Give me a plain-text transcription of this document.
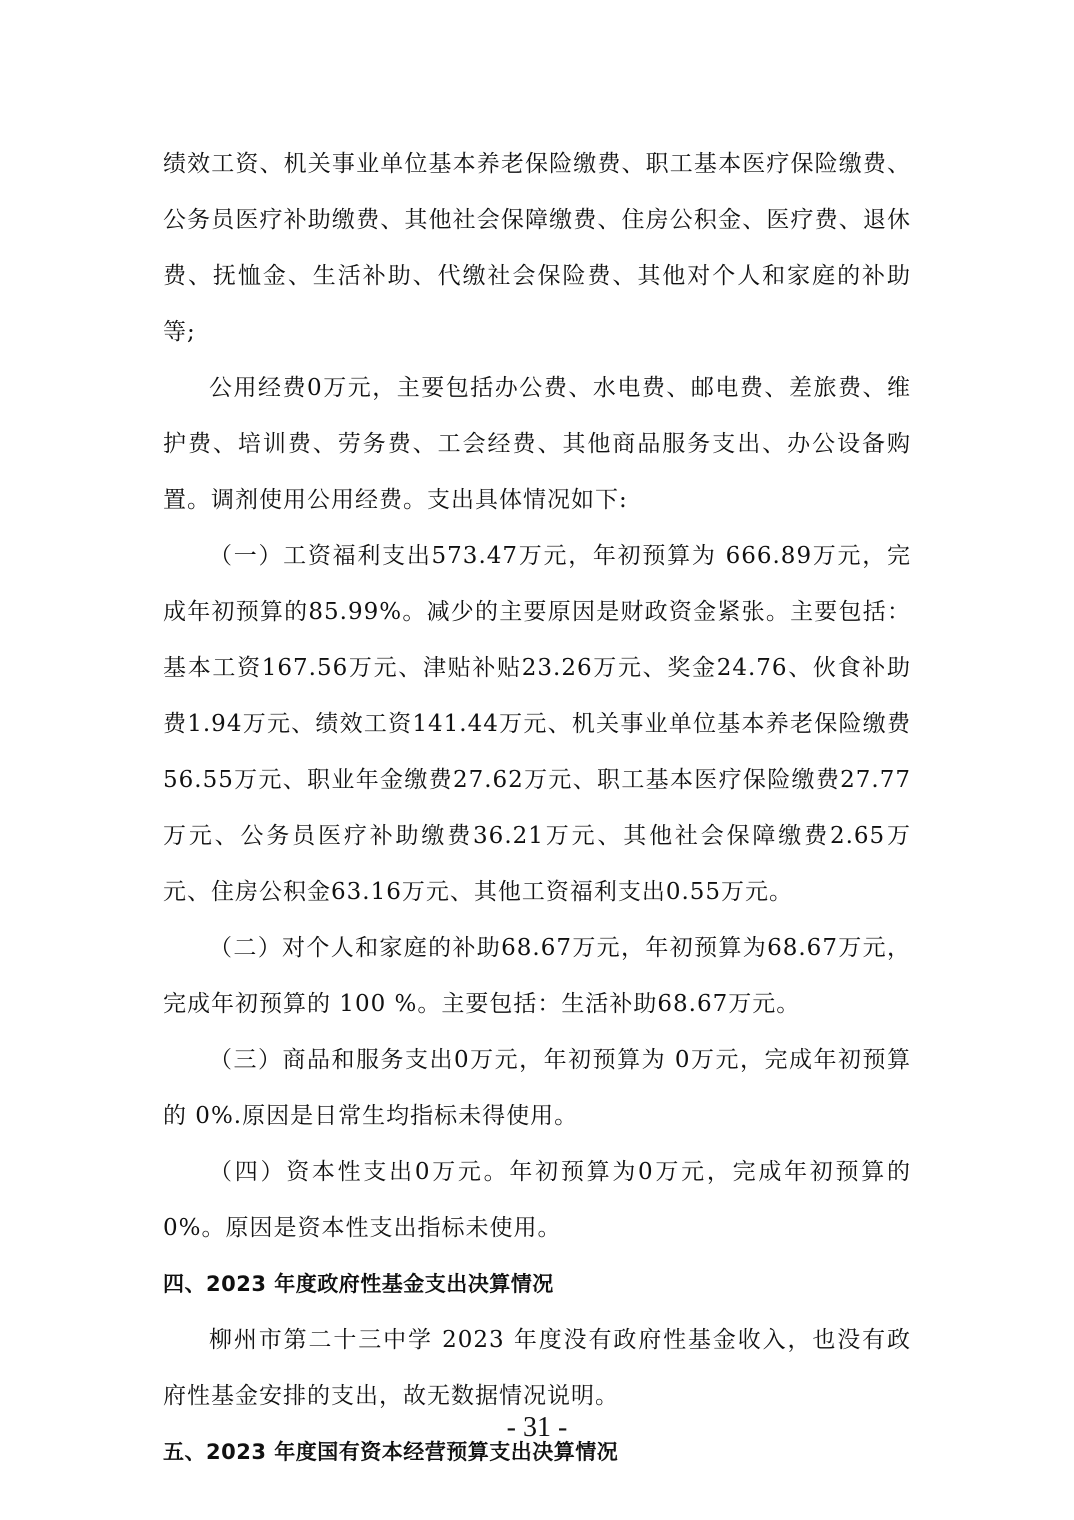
绩效工资、机关事业单位基本养老保险缴费、职工基本医疗保险缴费、公务员医疗补助缴费、其他社会保障缴费、住房公积金、医疗费、退休费、抚恤金、生活补助、代缴社会保险费、其他对个人和家庭的补助等;

公用经费0万元，主要包括办公费、水电费、邮电费、差旅费、维护费、培训费、劳务费、工会经费、其他商品服务支出、办公设备购置。调剂使用公用经费。支出具体情况如下:

（一）工资福利支出573.47万元，年初预算为 666.89万元，完成年初预算的85.99%。减少的主要原因是财政资金紧张。主要包括：基本工资167.56万元、津贴补贴23.26万元、奖金24.76、伙食补助费1.94万元、绩效工资141.44万元、机关事业单位基本养老保险缴费56.55万元、职业年金缴费27.62万元、职工基本医疗保险缴费27.77万元、公务员医疗补助缴费36.21万元、其他社会保障缴费2.65万元、住房公积金63.16万元、其他工资福利支出0.55万元。

（二）对个人和家庭的补助68.67万元，年初预算为68.67万元，完成年初预算的 100 %。主要包括：生活补助68.67万元。

（三）商品和服务支出0万元，年初预算为 0万元，完成年初预算的 0%.原因是日常生均指标未得使用。

（四）资本性支出0万元。年初预算为0万元，完成年初预算的0%。原因是资本性支出指标未使用。

四、2023 年度政府性基金支出决算情况

柳州市第二十三中学 2023 年度没有政府性基金收入，也没有政府性基金安排的支出，故无数据情况说明。

五、2023 年度国有资本经营预算支出决算情况
- 31 -
